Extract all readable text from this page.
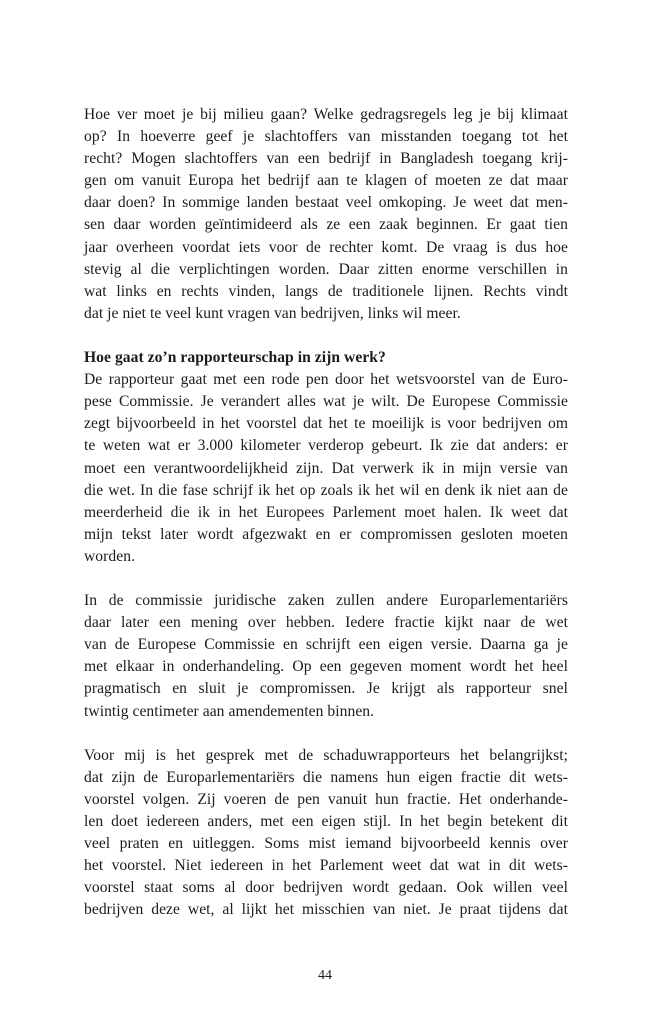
Hoe ver moet je bij milieu gaan? Welke gedragsregels leg je bij klimaat
op? In hoeverre geef je slachtoffers van misstanden toegang tot het
recht? Mogen slachtoffers van een bedrijf in Bangladesh toegang krij-
gen om vanuit Europa het bedrijf aan te klagen of moeten ze dat maar
daar doen? In sommige landen bestaat veel omkoping. Je weet dat men-
sen daar worden geïntimideerd als ze een zaak beginnen. Er gaat tien
jaar overheen voordat iets voor de rechter komt. De vraag is dus hoe
stevig al die verplichtingen worden. Daar zitten enorme verschillen in
wat links en rechts vinden, langs de traditionele lijnen. Rechts vindt
dat je niet te veel kunt vragen van bedrijven, links wil meer.
Hoe gaat zo’n rapporteurschap in zijn werk?
De rapporteur gaat met een rode pen door het wetsvoorstel van de Euro-
pese Commissie. Je verandert alles wat je wilt. De Europese Commissie
zegt bijvoorbeeld in het voorstel dat het te moeilijk is voor bedrijven om
te weten wat er 3.000 kilometer verderop gebeurt. Ik zie dat anders: er
moet een verantwoordelijkheid zijn. Dat verwerk ik in mijn versie van
die wet. In die fase schrijf ik het op zoals ik het wil en denk ik niet aan de
meerderheid die ik in het Europees Parlement moet halen. Ik weet dat
mijn tekst later wordt afgezwakt en er compromissen gesloten moeten
worden.
In de commissie juridische zaken zullen andere Europarlementariërs
daar later een mening over hebben. Iedere fractie kijkt naar de wet
van de Europese Commissie en schrijft een eigen versie. Daarna ga je
met elkaar in onderhandeling. Op een gegeven moment wordt het heel
pragmatisch en sluit je compromissen. Je krijgt als rapporteur snel
twintig centimeter aan amendementen binnen.
Voor mij is het gesprek met de schaduwrapporteurs het belangrijkst;
dat zijn de Europarlementariërs die namens hun eigen fractie dit wets-
voorstel volgen. Zij voeren de pen vanuit hun fractie. Het onderhande-
len doet iedereen anders, met een eigen stijl. In het begin betekent dit
veel praten en uitleggen. Soms mist iemand bijvoorbeeld kennis over
het voorstel. Niet iedereen in het Parlement weet dat wat in dit wets-
voorstel staat soms al door bedrijven wordt gedaan. Ook willen veel
bedrijven deze wet, al lijkt het misschien van niet. Je praat tijdens dat
44
